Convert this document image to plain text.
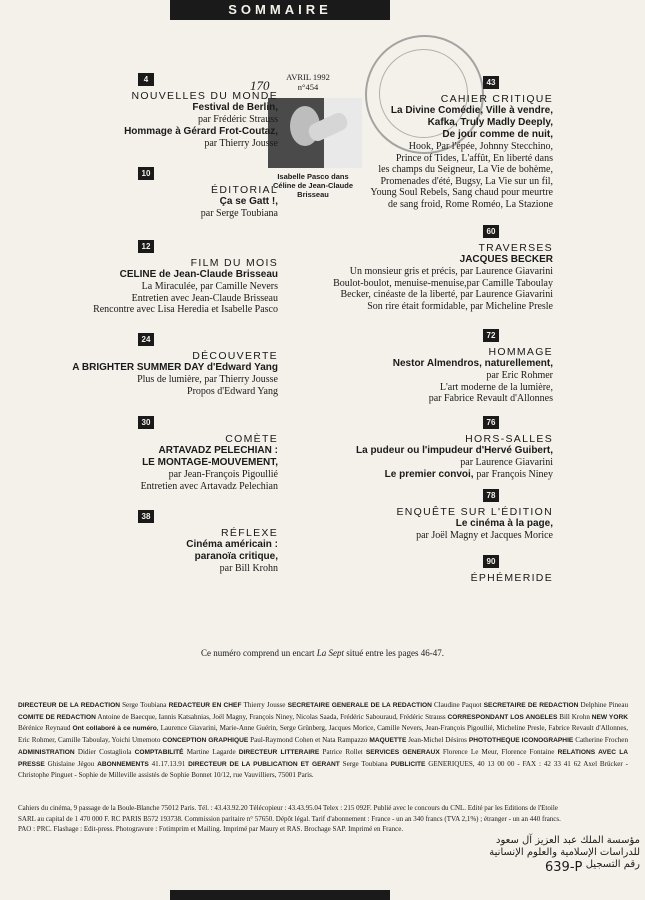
SOMMAIRE
170
AVRIL 1992
n°454
Isabelle Pasco dans
Céline de Jean-Claude
Brisseau
4
NOUVELLES DU MONDE
Festival de Berlin,
par Frédéric Strauss
Hommage à Gérard Frot-Coutaz,
par Thierry Jousse
10
ÉDITORIAL
Ça se Gatt !,
par Serge Toubiana
12
FILM DU MOIS
CELINE de Jean-Claude Brisseau
La Miraculée, par Camille Nevers
Entretien avec Jean-Claude Brisseau
Rencontre avec Lisa Heredia et Isabelle Pasco
24
DÉCOUVERTE
A BRIGHTER SUMMER DAY d'Edward Yang
Plus de lumière, par Thierry Jousse
Propos d'Edward Yang
30
COMÈTE
ARTAVADZ PELECHIAN :
LE MONTAGE-MOUVEMENT,
par Jean-François Pigoullié
Entretien avec Artavadz Pelechian
38
RÉFLEXE
Cinéma américain :
paranoïa critique,
par Bill Krohn
43
CAHIER CRITIQUE
La Divine Comédie, Ville à vendre,
Kafka, Truly Madly Deeply,
De jour comme de nuit,
Hook, Par l'épée, Johnny Stecchino,
Prince of Tides, L'affût, En liberté dans
les champs du Seigneur, La Vie de bohème,
Promenades d'été, Bugsy, La Vie sur un fil,
Young Soul Rebels, Sang chaud pour meurtre
de sang froid, Rome Roméo, La Stazione
60
TRAVERSES
JACQUES BECKER
Un monsieur gris et précis, par Laurence Giavarini
Boulot-boulot, menuise-menuise,par Camille Taboulay
Becker, cinéaste de la liberté, par Laurence Giavarini
Son rire était formidable, par Micheline Presle
72
HOMMAGE
Nestor Almendros, naturellement,
par Eric Rohmer
L'art moderne de la lumière,
par Fabrice Revault d'Allonnes
76
HORS-SALLES
La pudeur ou l'impudeur d'Hervé Guibert,
par Laurence Giavarini
Le premier convoi, par François Niney
78
ENQUÊTE SUR L'ÉDITION
Le cinéma à la page,
par Joël Magny et Jacques Morice
90
ÉPHÉMERIDE
Ce numéro comprend un encart La Sept situé entre les pages 46-47.
DIRECTEUR DE LA REDACTION Serge Toubiana REDACTEUR EN CHEF Thierry Jousse SECRETAIRE GENERALE DE LA REDACTION Claudine Paquot SECRETAIRE DE REDACTION Delphine Pineau COMITE DE REDACTION Antoine de Baecque, Iannis Katsahnias, Joël Magny, François Niney, Nicolas Saada, Frédéric Sabouraud, Frédéric Strauss CORRESPONDANT LOS ANGELES Bill Krohn NEW YORK Bérénice Reynaud Ont collaboré à ce numéro, Laurence Giavarini, Marie-Anne Guérin, Serge Grünberg, Jacques Morice, Camille Nevers, Jean-François Pigoullié, Micheline Presle, Fabrice Revault d'Allonnes, Eric Rohmer, Camille Taboulay, Yoichi Umemoto CONCEPTION GRAPHIQUE Paul-Raymond Cohen et Nata Rampazzo MAQUETTE Jean-Michel Désiros PHOTOTHEQUE ICONOGRAPHIE Catherine Frochen ADMINISTRATION Didier Costagliola COMPTABILITÉ Martine Lagarde DIRECTEUR LITTERAIRE Patrice Rollet SERVICES GENERAUX Florence Le Meur, Florence Fontaine RELATIONS AVEC LA PRESSE Ghislaine Jégou ABONNEMENTS 41.17.13.91 DIRECTEUR DE LA PUBLICATION ET GERANT Serge Toubiana PUBLICITE GENERIQUES, 40 13 00 00 - FAX : 42 33 41 62 Axel Brücker - Christophe Pinguet - Sophie de Milleville assistés de Sophie Bonnet 10/12, rue Vauvilliers, 75001 Paris.
Cahiers du cinéma, 9 passage de la Boule-Blanche 75012 Paris. Tél. : 43.43.92.20 Télécopieur : 43.43.95.04 Telex : 215 092F. Publié avec le concours du CNL. Edité par les Editions de l'Etoile
SARL au capital de 1 470 000 F. RC PARIS B572 193738. Commission paritaire n° 57650. Dépôt légal. Tarif d'abonnement : France - un an 340 francs (TVA 2,1%) ; étranger - un an 440 francs.
PAO : PRC. Flashage : Edit-press. Photogravure : Fotimprim et Mailing. Imprimé par Maury et RAS. Brochage SAP. Imprimé en France.
مؤسسة الملك عبد العزيز آل سعود
للدراسات الإسلامية والعلوم الإنسانية
رقم التسجيل
639-P
